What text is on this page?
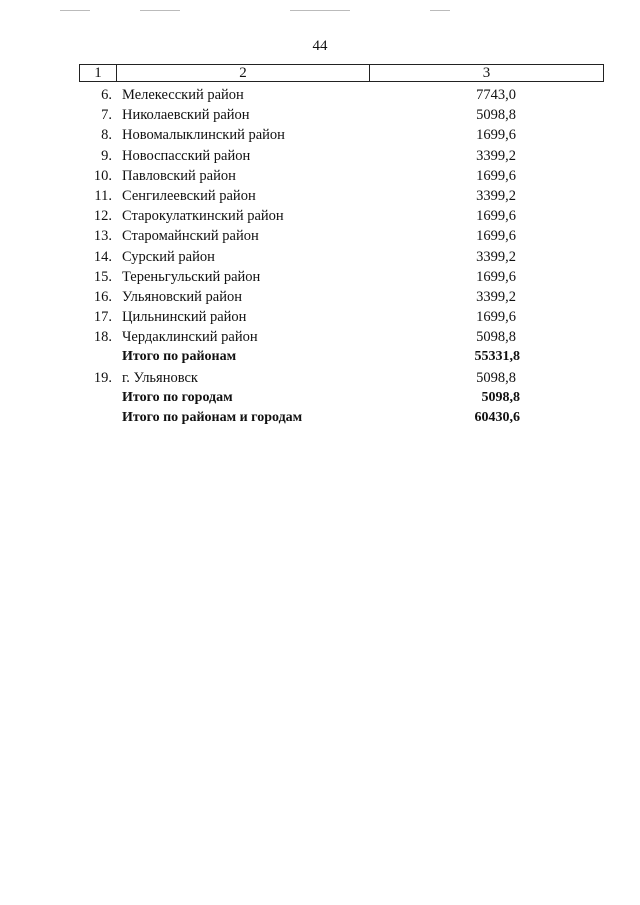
44
1	2	3
6. Мелекесский район	7743,0
7. Николаевский район	5098,8
8. Новомалыклинский район	1699,6
9. Новоспасский район	3399,2
10. Павловский район	1699,6
11. Сенгилеевский район	3399,2
12. Старокулаткинский район	1699,6
13. Старомайнский район	1699,6
14. Сурский район	3399,2
15. Тереньгульский район	1699,6
16. Ульяновский район	3399,2
17. Цильнинский район	1699,6
18. Чердаклинский район	5098,8
Итого по районам	55331,8
19. г. Ульяновск	5098,8
Итого по городам	5098,8
Итого по районам и городам	60430,6
